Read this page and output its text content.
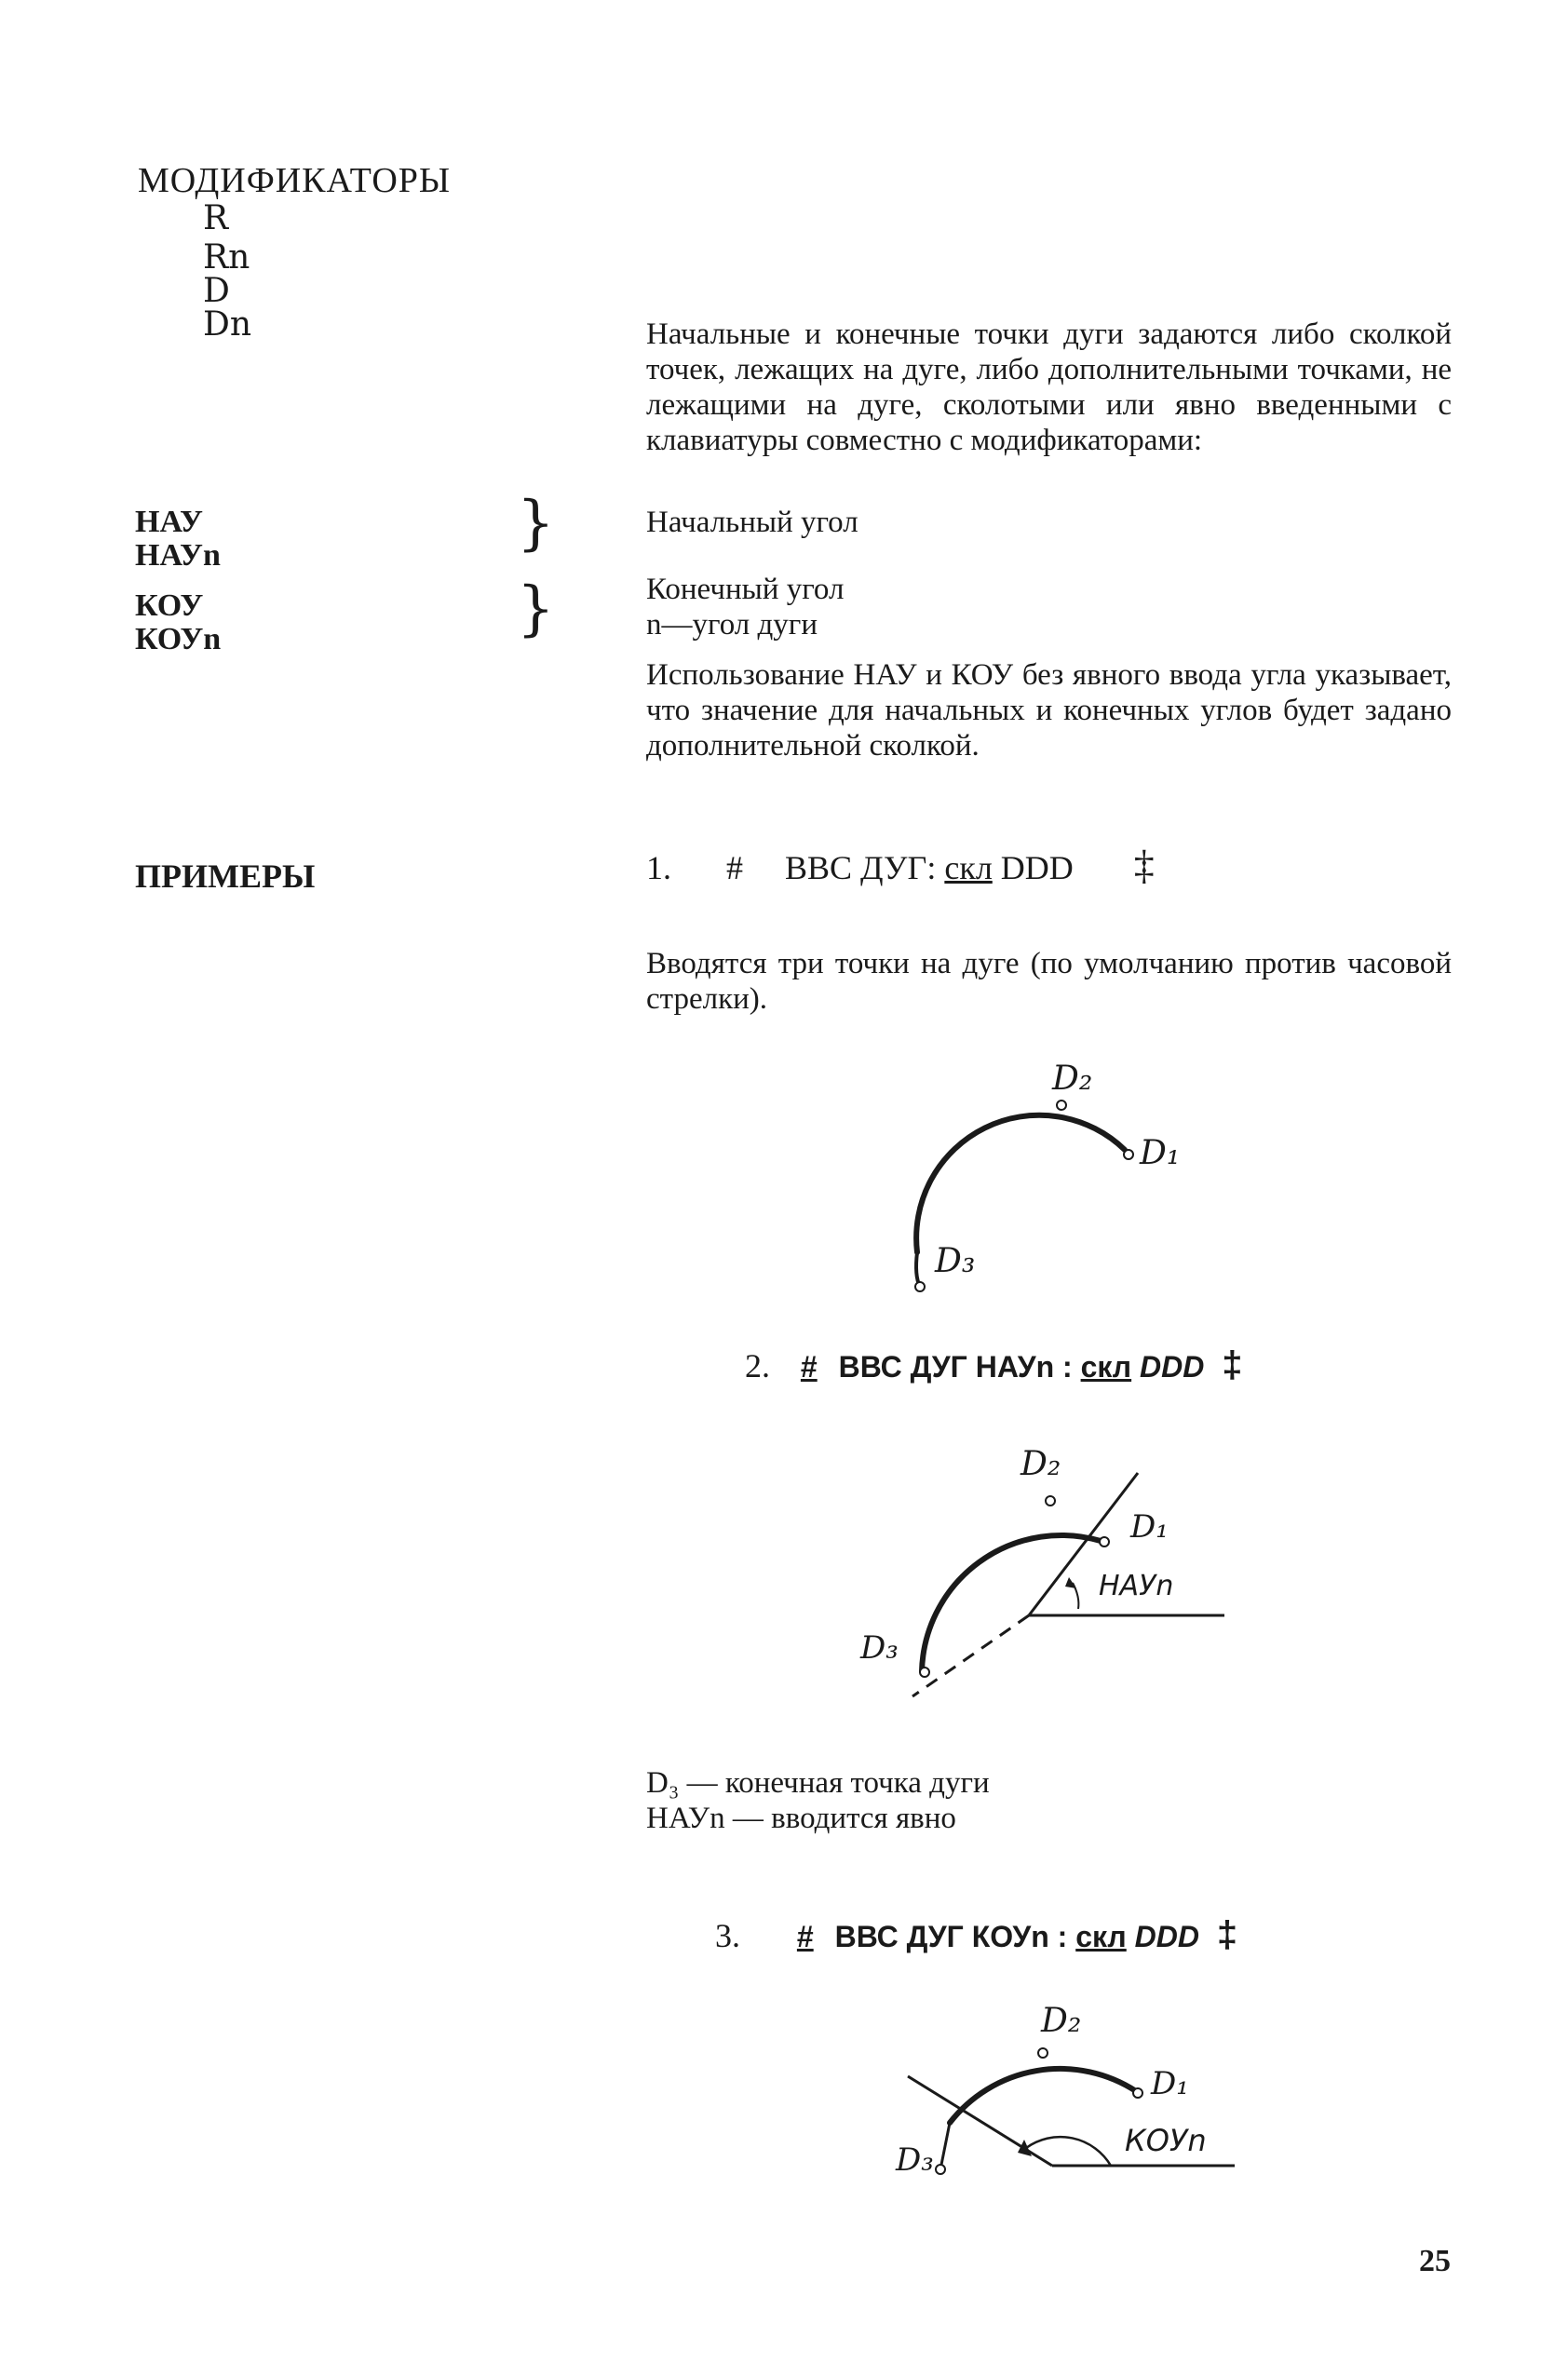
МОДИФИКАТОРЫ
R
Rn
D
Dn	Начальные и конечные точки дуги задаются либо сколкой точек, лежащих на дуге, либо дополнительными точками, не лежащими на дуге, сколотыми или явно введенными с клавиатуры совместно с модификаторами:
НАУ
НАУn	}	Начальный угол
КОУ
КОУn	}	Конечный угол
n—угол дуги
Использование НАУ и КОУ без явного ввода угла указывает, что значение для начальных и конечных углов будет задано дополнительной сколкой.
ПРИМЕРЫ	1. # ВВС ДУГ: скл DDD ‡
Вводятся три точки на дуге (по умолчанию против часовой стрелки).
D₂
D₁
D₃
2. # ВВС ДУГ НАУn : скл DDD ‡
D₂
D₁
НАУn
D₃
D₃ — конечная точка дуги
НАУn — вводится явно
3. # ВВС ДУГ КОУn : скл DDD ‡
D₂
D₁
КОУn
D₃
25
